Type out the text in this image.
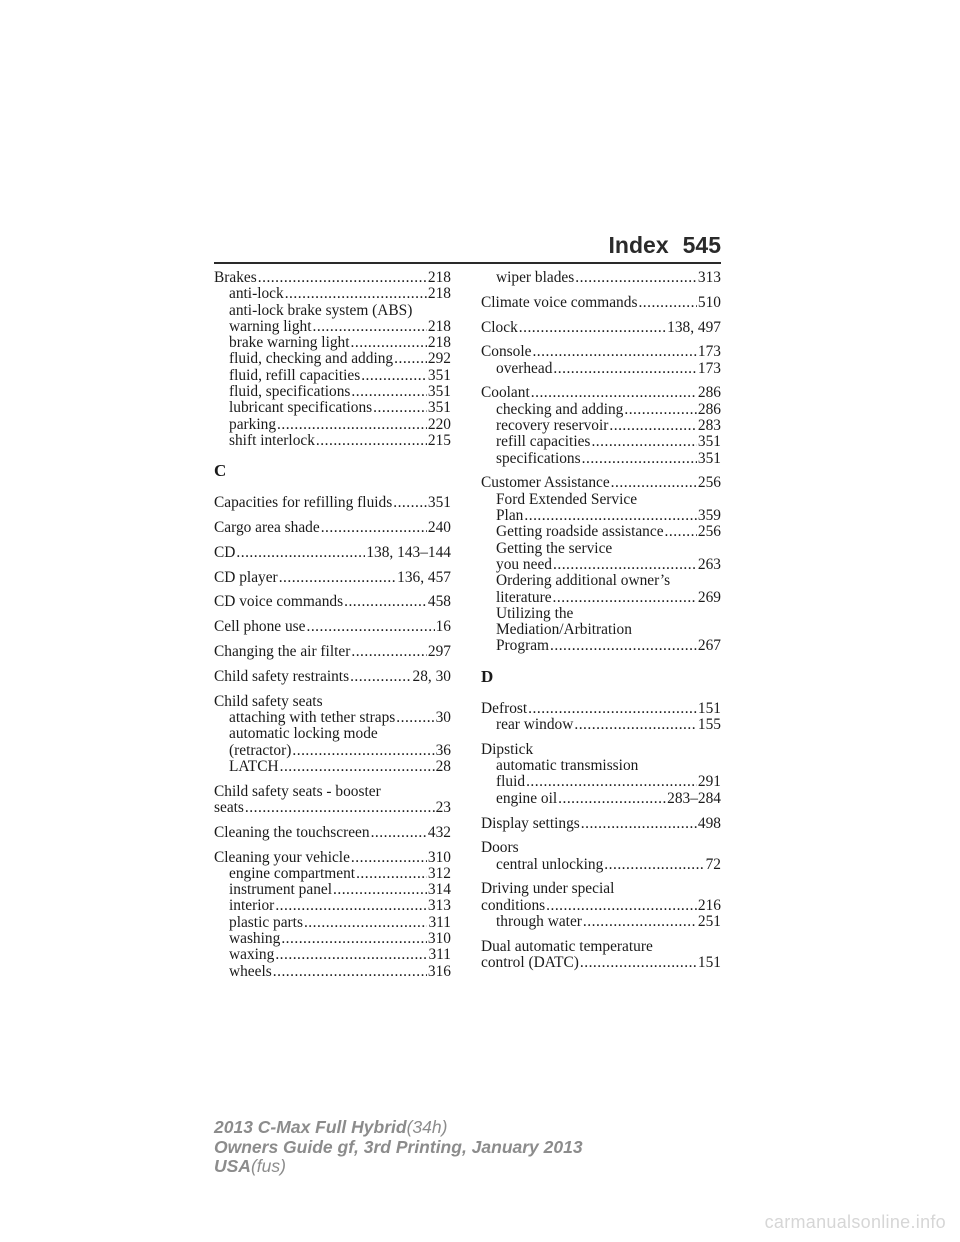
Index 545
Brakes .....	218
anti-lock .....	218
anti-lock brake system (ABS)
warning light .....	218
brake warning light .....	218
fluid, checking and adding ..... 292
fluid, refill capacities .....	351
fluid, specifications .....	351
lubricant specifications .....	351
parking .....	220
shift interlock .....	215
C
Capacities for refilling fluids ..... 351
Cargo area shade .....	240
CD .....	138, 143–144
CD player .....	136, 457
CD voice commands .....	458
Cell phone use .....	16
Changing the air filter .....	297
Child safety restraints .....	28, 30
Child safety seats
attaching with tether straps .....	30
automatic locking mode
(retractor) .....	36
LATCH .....	28
Child safety seats - booster
seats .....	23
Cleaning the touchscreen .....	432
Cleaning your vehicle .....	310
engine compartment .....	312
instrument panel .....	314
interior .....	313
plastic parts .....	311
washing .....	310
waxing .....	311
wheels .....	316
wiper blades .....	313
Climate voice commands .....	510
Clock .....	138, 497
Console .....	173
overhead .....	173
Coolant .....	286
checking and adding .....	286
recovery reservoir .....	283
refill capacities .....	351
specifications .....	351
Customer Assistance .....	256
Ford Extended Service
Plan .....	359
Getting roadside assistance ..... 256
Getting the service
you need .....	263
Ordering additional owner’s
literature .....	269
Utilizing the
Mediation/Arbitration
Program .....	267
D
Defrost .....	151
rear window .....	155
Dipstick
automatic transmission
fluid .....	291
engine oil .....	283–284
Display settings .....	498
Doors
central unlocking .....	72
Driving under special
conditions .....	216
through water .....	251
Dual automatic temperature
control (DATC) .....	151
2013 C-Max Full Hybrid(34h)
Owners Guide gf, 3rd Printing, January 2013
USA(fus)
carmanualsonline.info
